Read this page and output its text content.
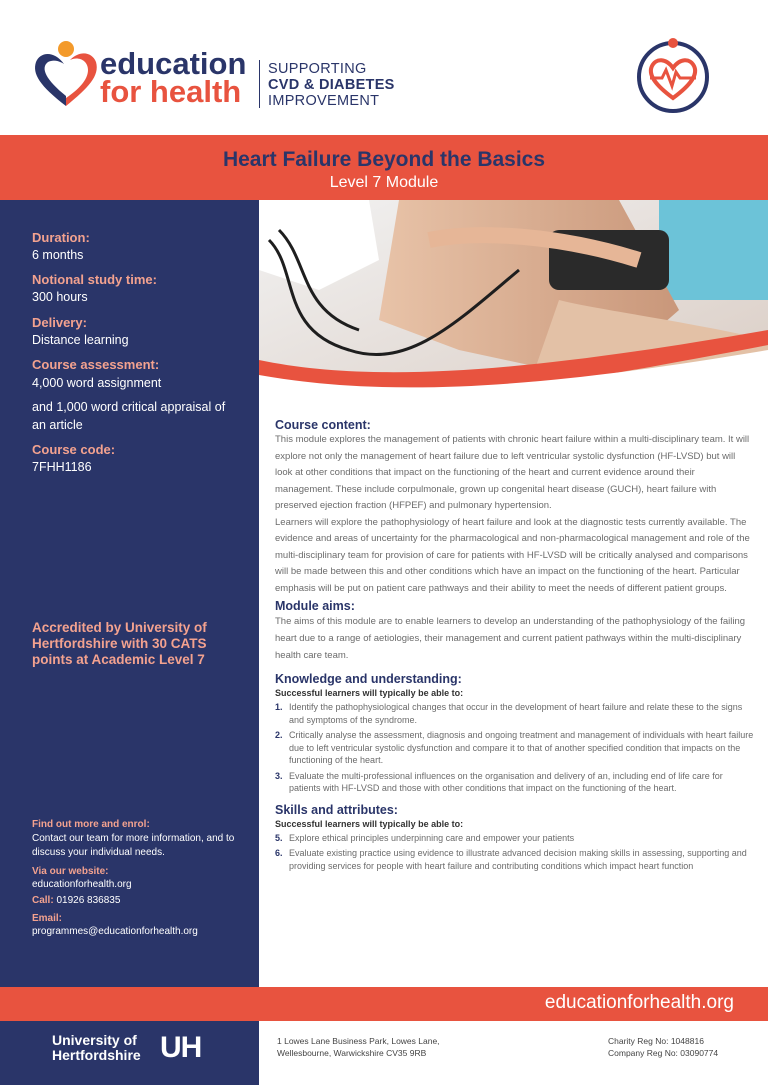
education
for health
SUPPORTING
CVD & DIABETES
IMPROVEMENT
Heart Failure Beyond the Basics
Level 7 Module
Duration:
6 months
Notional study time:
300 hours
Delivery:
Distance learning
Course assessment:
4,000 word assignment
and 1,000 word critical appraisal of an article
Course code:
7FHH1186
Accredited by University of Hertfordshire with 30 CATS points at Academic Level 7
Find out more and enrol:
Contact our team for more information, and to discuss your individual needs.
Via our website:
educationforhealth.org
Call: 01926 836835
Email:
programmes@educationforhealth.org
Course content:
This module explores the management of patients with chronic heart failure within a multi-disciplinary team. It will explore not only the management of heart failure due to left ventricular systolic dysfunction (HF-LVSD) but will look at other conditions that impact on the functioning of the heart and current evidence around their management. These include corpulmonale, grown up congenital heart disease (GUCH), heart failure with preserved ejection fraction (HFPEF) and pulmonary hypertension.
Learners will explore the pathophysiology of heart failure and look at the diagnostic tests currently available. The evidence and areas of uncertainty for the pharmacological and non-pharmacological management and role of the multi-disciplinary team for provision of care for patients with HF-LVSD will be critically analysed and comparisons will be made between this and other conditions which have an impact on the functioning of the heart. Particular emphasis will be put on patient care pathways and their ability to meet the needs of different patient groups.
Module aims:
The aims of this module are to enable learners to develop an understanding of the pathophysiology of the failing heart due to a range of aetiologies, their management and current patient pathways within the multi-disciplinary health care team.
Knowledge and understanding:
Successful learners will typically be able to:
1. Identify the pathophysiological changes that occur in the development of heart failure and relate these to the signs and symptoms of the syndrome.
2. Critically analyse the assessment, diagnosis and ongoing treatment and management of individuals with heart failure due to left ventricular systolic dysfunction and compare it to that of another specified condition that impacts on the functioning of the heart.
3. Evaluate the multi-professional influences on the organisation and delivery of an, including end of life care for patients with HF-LVSD and those with other conditions that impact on the functioning of the heart.
Skills and attributes:
Successful learners will typically be able to:
5. Explore ethical principles underpinning care and empower your patients
6. Evaluate existing practice using evidence to illustrate advanced decision making skills in assessing, supporting and providing services for people with heart failure and contributing conditions which impact heart function
educationforhealth.org
University of
Hertfordshire UH	1 Lowes Lane Business Park, Lowes Lane,
Wellesbourne, Warwickshire CV35 9RB
Charity Reg No: 1048816
Company Reg No: 03090774
